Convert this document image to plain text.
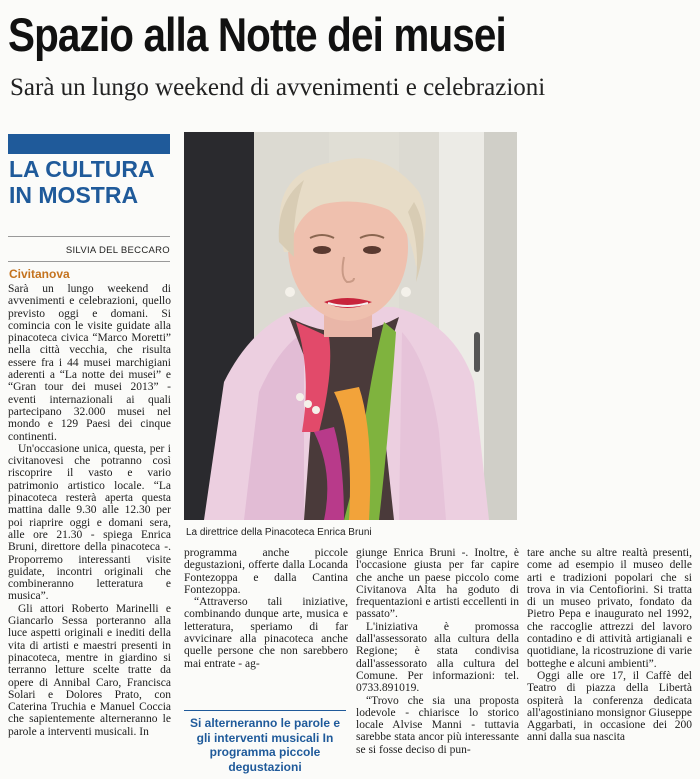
Spazio alla Notte dei musei
Sarà un lungo weekend di avvenimenti e celebrazioni
LA CULTURA IN MOSTRA
SILVIA DEL BECCARO
Civitanova

Sarà un lungo weekend di avvenimenti e celebrazioni, quello previsto oggi e domani. Si comincia con le visite guidate alla pinacoteca civica “Marco Moretti” nella città vecchia, che risulta essere fra i 44 musei marchigiani aderenti a “La notte dei musei” e “Gran tour dei musei 2013” - eventi internazionali ai quali partecipano 32.000 musei nel mondo e 129 Paesi dei cinque continenti.

Un'occasione unica, questa, per i civitanovesi che potranno così riscoprire il vasto e vario patrimonio artistico locale. “La pinacoteca resterà aperta questa mattina dalle 9.30 alle 12.30 per poi riaprire oggi e domani sera, alle ore 21.30 - spiega Enrica Bruni, direttore della pinacoteca -. Proporremo interessanti visite guidate, incontri originali che combineranno letteratura e musica”.

Gli attori Roberto Marinelli e Giancarlo Sessa porteranno alla luce aspetti originali e inediti della vita di artisti e maestri presenti in pinacoteca, mentre in giardino si terranno letture scelte tratte da opere di Annibal Caro, Francisca Solari e Dolores Prato, con Caterina Truchia e Manuel Coccia che sapientemente alterneranno le parole a interventi musicali. In

La direttrice della Pinacoteca Enrica Bruni

programma anche piccole degustazioni, offerte dalla Locanda Fontezoppa e dalla Cantina Fontezoppa.

“Attraverso tali iniziative, combinando dunque arte, musica e letteratura, speriamo di far avvicinare alla pinacoteca anche quelle persone che non sarebbero mai entrate - ag-

Si alterneranno le parole e gli interventi musicali In programma piccole degustazioni

giunge Enrica Bruni -. Inoltre, è l'occasione giusta per far capire che anche un paese piccolo come Civitanova Alta ha goduto di frequentazioni e artisti eccellenti in passato”.

L'iniziativa è promossa dall'assessorato alla cultura della Regione; è stata condivisa dall'assessorato alla cultura del Comune. Per informazioni: tel. 0733.891019.

“Trovo che sia una proposta lodevole - chiarisce lo storico locale Alvise Manni - tuttavia sarebbe stata ancor più interessante se si fosse deciso di pun-

tare anche su altre realtà presenti, come ad esempio il museo delle arti e tradizioni popolari che si trova in via Centofiorini. Si tratta di un museo privato, fondato da Pietro Pepa e inaugurato nel 1992, che raccoglie attrezzi del lavoro contadino e di attività artigianali e quotidiane, la ricostruzione di varie botteghe e alcuni ambienti”.

Oggi alle ore 17, il Caffè del Teatro di piazza della Libertà ospiterà la conferenza dedicata all'agostiniano monsignor Giuseppe Aggarbati, in occasione dei 200 anni dalla sua nascita
